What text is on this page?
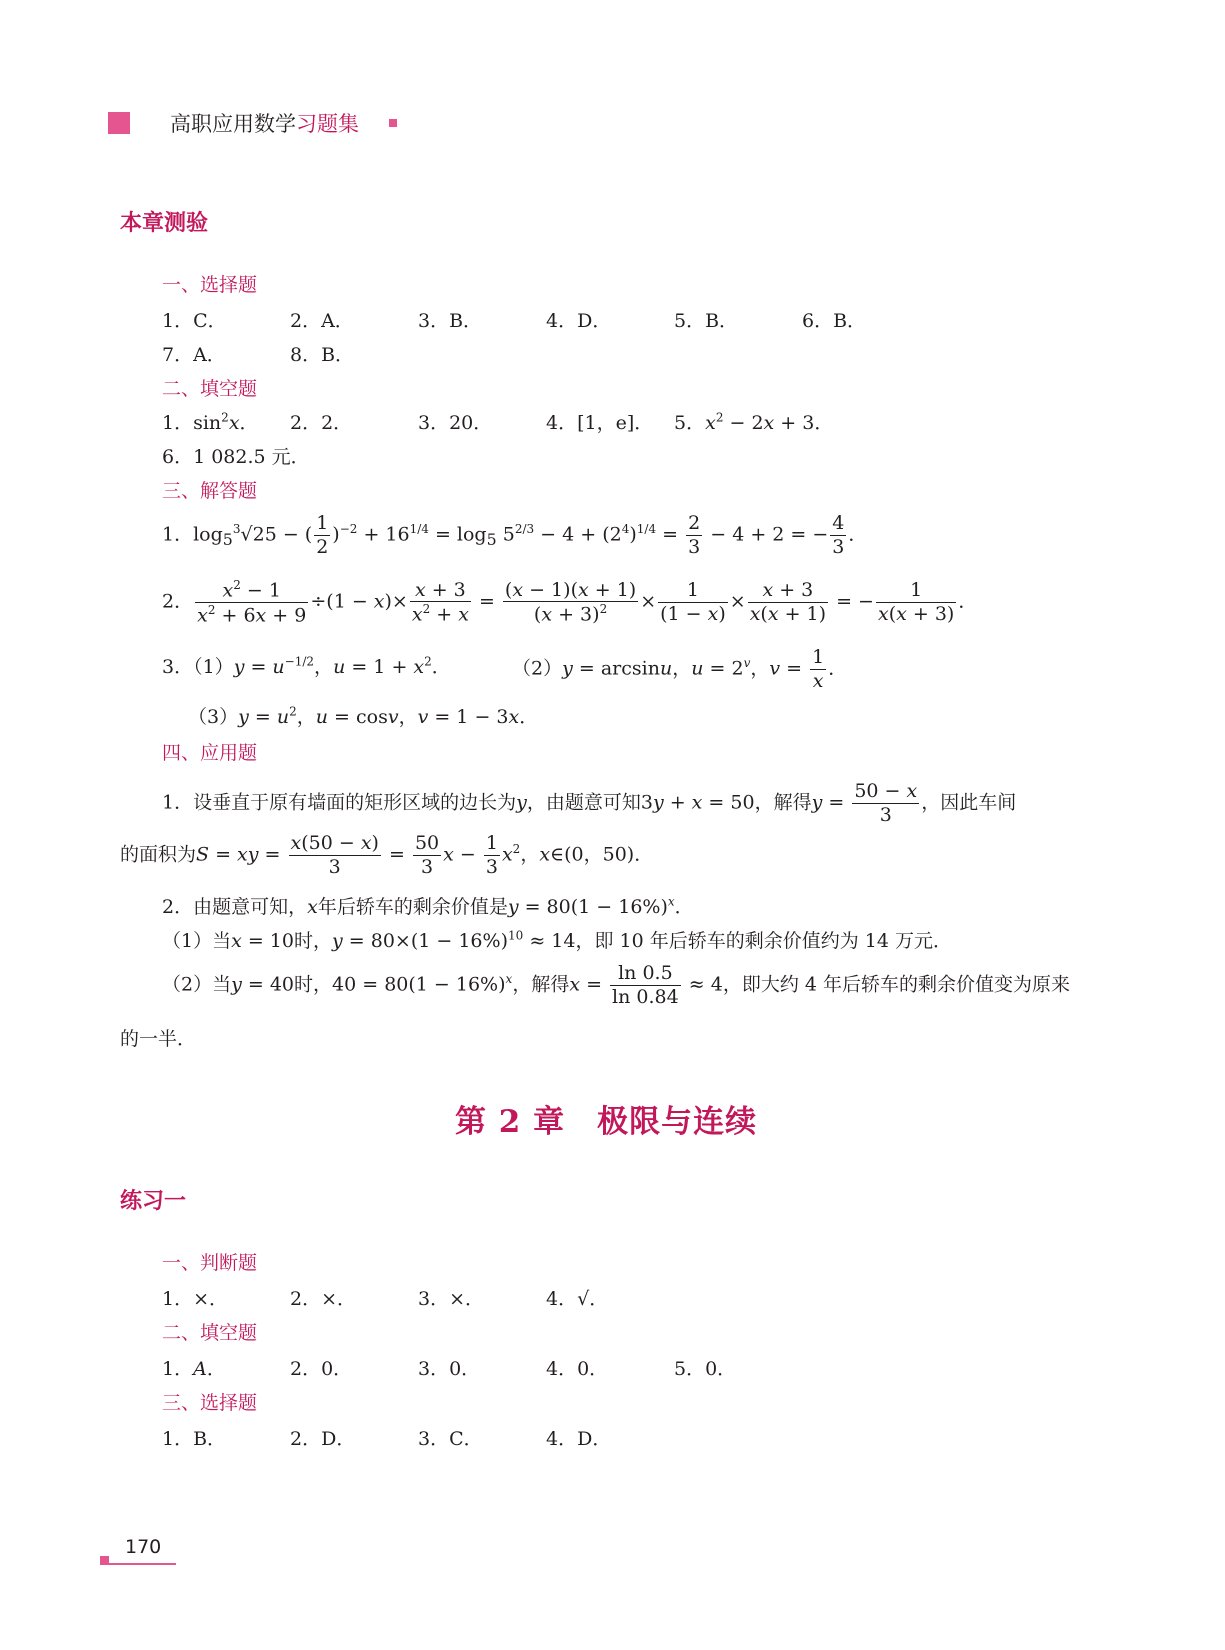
高职应用数学习题集
本章测验
一、选择题
1．C．	2．A．	3．B．	4．D．	5．B．	6．B．
7．A．	8．B．
二、填空题
1．$\sin^2x$． 2．2．	3．20．	4．[1，e]． 5．$x^2 - 2x + 3$．
6．1 082.5 元．
三、解答题
1．$\log_5^3√25$ − ( $\frac{1}{2} )^{-2} + 16^{1/4} = \log_5 5^{2/3} - 4 + (2^4)^{1/4} = \frac{2}{3} - 4 + 2$ = − $\frac{4}{3}$ ．
2． $\frac{x^2 - 1}{x^2 + 6x + 9} \div(1 - x)\times \frac{x + 3}{x^2 + x} = \frac{(x - 1)(x + 1)}{(x + 3)^2} \times \frac{1}{(1 - x)} \times \frac{x + 3}{x(x + 1)}$ = − $\frac{1}{x(x + 3)}$ ．
3．$(1)y = u^{-1/2}$，$u = 1 + x^2$．	（2）y = arcsinu，$u = 2^v$，$v = \frac{1}{x}$ ．
$(3)y = u^2$，u = cosv，v = 1 − 3x．
四、应用题
1．设垂直于原有墙面的矩形区域的边长为y，由题意可知3y + x = 50，解得$y = \frac{50 - x}{3}$ ，因此车间
的面积为S = xy = $\frac{x(50 - x)}{3} = \frac{50}{3}$ $x - \frac{1}{3} x^2$，x∈(0，50)．
2．由题意可知，x年后轿车的剩余价值是$y = 80(1 - 16\%)^x$．
（1）当x = 10时，$y = 80\times(1 - 16\%)^{10} \approx 14$，即 10 年后轿车的剩余价值约为 14 万元．
（2）当y = 40时，$40 = 80(1 - 16\%)^x$，解得$x = \frac{\ln 0.5}{\ln 0.84} \approx 4$，即大约 4 年后轿车的剩余价值变为原来
的一半．
第 2 章　极限与连续
练习一
一、判断题
1．×．	2．×．	3．×．	4．√．
二、填空题
1．A．	2．0．	3．0．	4．0．	5．0．
三、选择题
1．B．	2．D．	3．C．	4．D．
170
